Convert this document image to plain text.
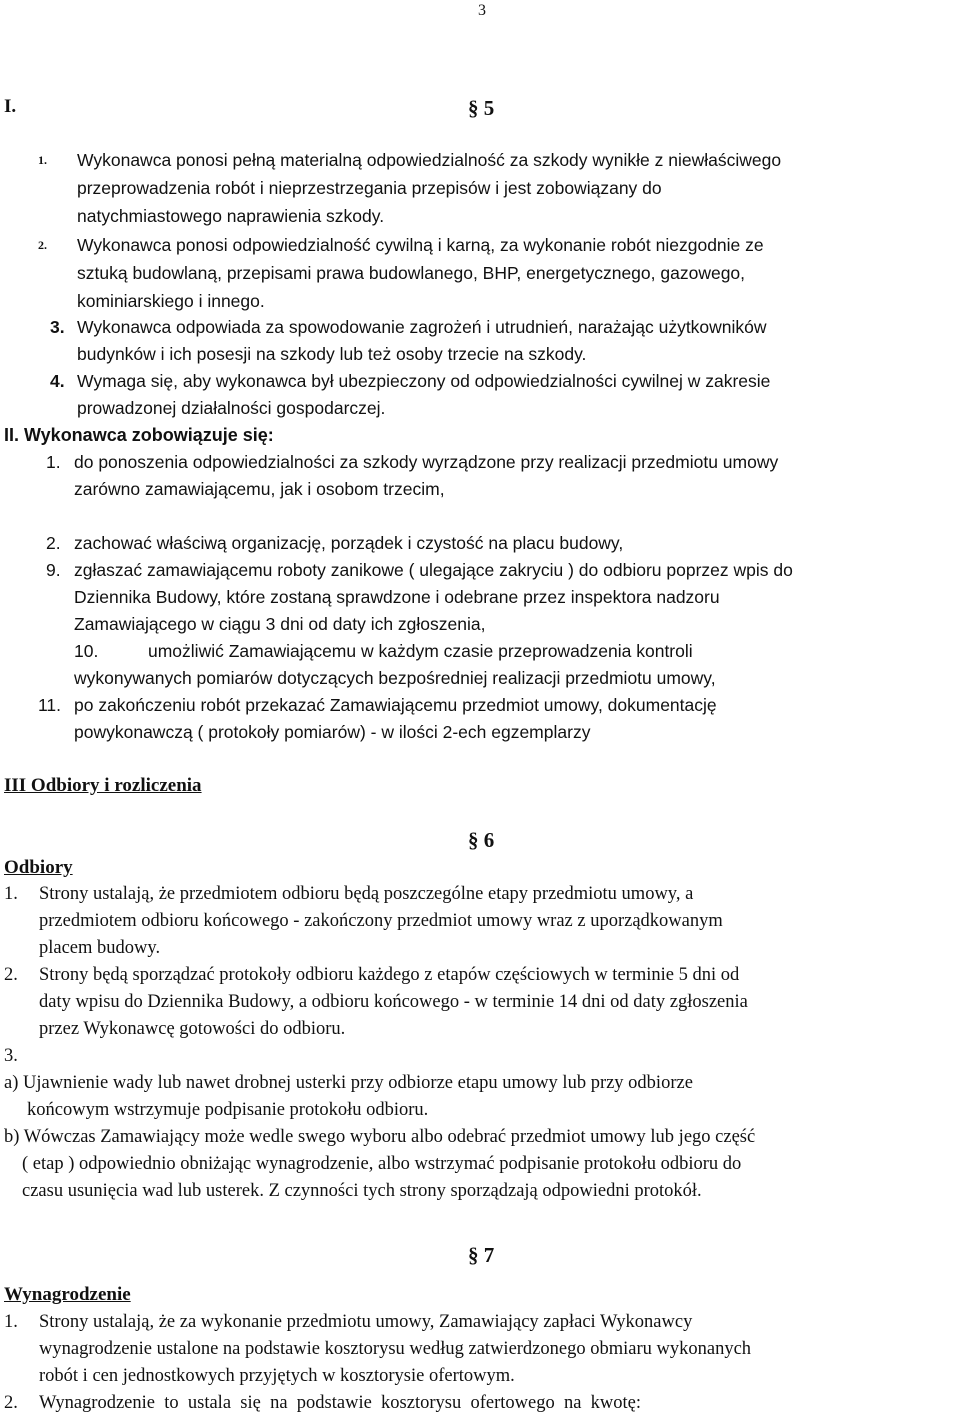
3
§ 5
I.
1. Wykonawca ponosi pełną materialną odpowiedzialność za szkody wynikłe z niewłaściwego
przeprowadzenia robót i nieprzestrzegania przepisów i jest zobowiązany do
natychmiastowego naprawienia szkody.
2. Wykonawca ponosi odpowiedzialność cywilną i karną, za wykonanie robót niezgodnie ze
sztuką budowlaną, przepisami prawa budowlanego, BHP, energetycznego, gazowego,
kominiarskiego i innego.
3. Wykonawca odpowiada za spowodowanie zagrożeń i utrudnień, narażając użytkowników
budynków i ich posesji na szkody lub też osoby trzecie na szkody.
4. Wymaga się, aby wykonawca był ubezpieczony od odpowiedzialności cywilnej w zakresie
prowadzonej działalności gospodarczej.
II. Wykonawca zobowiązuje się:
1. do ponoszenia odpowiedzialności za szkody wyrządzone przy realizacji przedmiotu umowy
zarówno zamawiającemu, jak i osobom trzecim,
2. zachować właściwą organizację, porządek i czystość na placu budowy,
9. zgłaszać zamawiającemu roboty zanikowe ( ulegające zakryciu ) do odbioru poprzez wpis do
Dziennika Budowy, które zostaną sprawdzone i odebrane przez inspektora nadzoru
Zamawiającego w ciągu 3 dni od daty ich zgłoszenia,
10.	umożliwić Zamawiającemu w każdym czasie przeprowadzenia kontroli
wykonywanych pomiarów dotyczących bezpośredniej realizacji przedmiotu umowy,
11. po zakończeniu robót przekazać Zamawiającemu przedmiot umowy, dokumentację
powykonawczą ( protokoły pomiarów) - w ilości 2-ech egzemplarzy
III Odbiory i rozliczenia
§ 6
Odbiory
1. Strony ustalają, że przedmiotem odbioru będą poszczególne etapy przedmiotu umowy, a
przedmiotem odbioru końcowego - zakończony przedmiot umowy wraz z uporządkowanym
placem budowy.
2. Strony będą sporządzać protokoły odbioru każdego z etapów częściowych w terminie 5 dni od
daty wpisu do Dziennika Budowy, a odbioru końcowego - w terminie 14 dni od daty zgłoszenia
przez Wykonawcę gotowości do odbioru.
3.
a) Ujawnienie wady lub nawet drobnej usterki przy odbiorze etapu umowy lub przy odbiorze
końcowym wstrzymuje podpisanie protokołu odbioru.
b) Wówczas Zamawiający może wedle swego wyboru albo odebrać przedmiot umowy lub jego część
( etap ) odpowiednio obniżając wynagrodzenie, albo wstrzymać podpisanie protokołu odbioru do
czasu usunięcia wad lub usterek. Z czynności tych strony sporządzają odpowiedni protokół.
§ 7
Wynagrodzenie
1. Strony ustalają, że za wykonanie przedmiotu umowy, Zamawiający zapłaci Wykonawcy
wynagrodzenie ustalone na podstawie kosztorysu według zatwierdzonego obmiaru wykonanych
robót i cen jednostkowych przyjętych w kosztorysie ofertowym.
2. Wynagrodzenie  to  ustala  się  na  podstawie  kosztorysu  ofertowego  na  kwotę:
